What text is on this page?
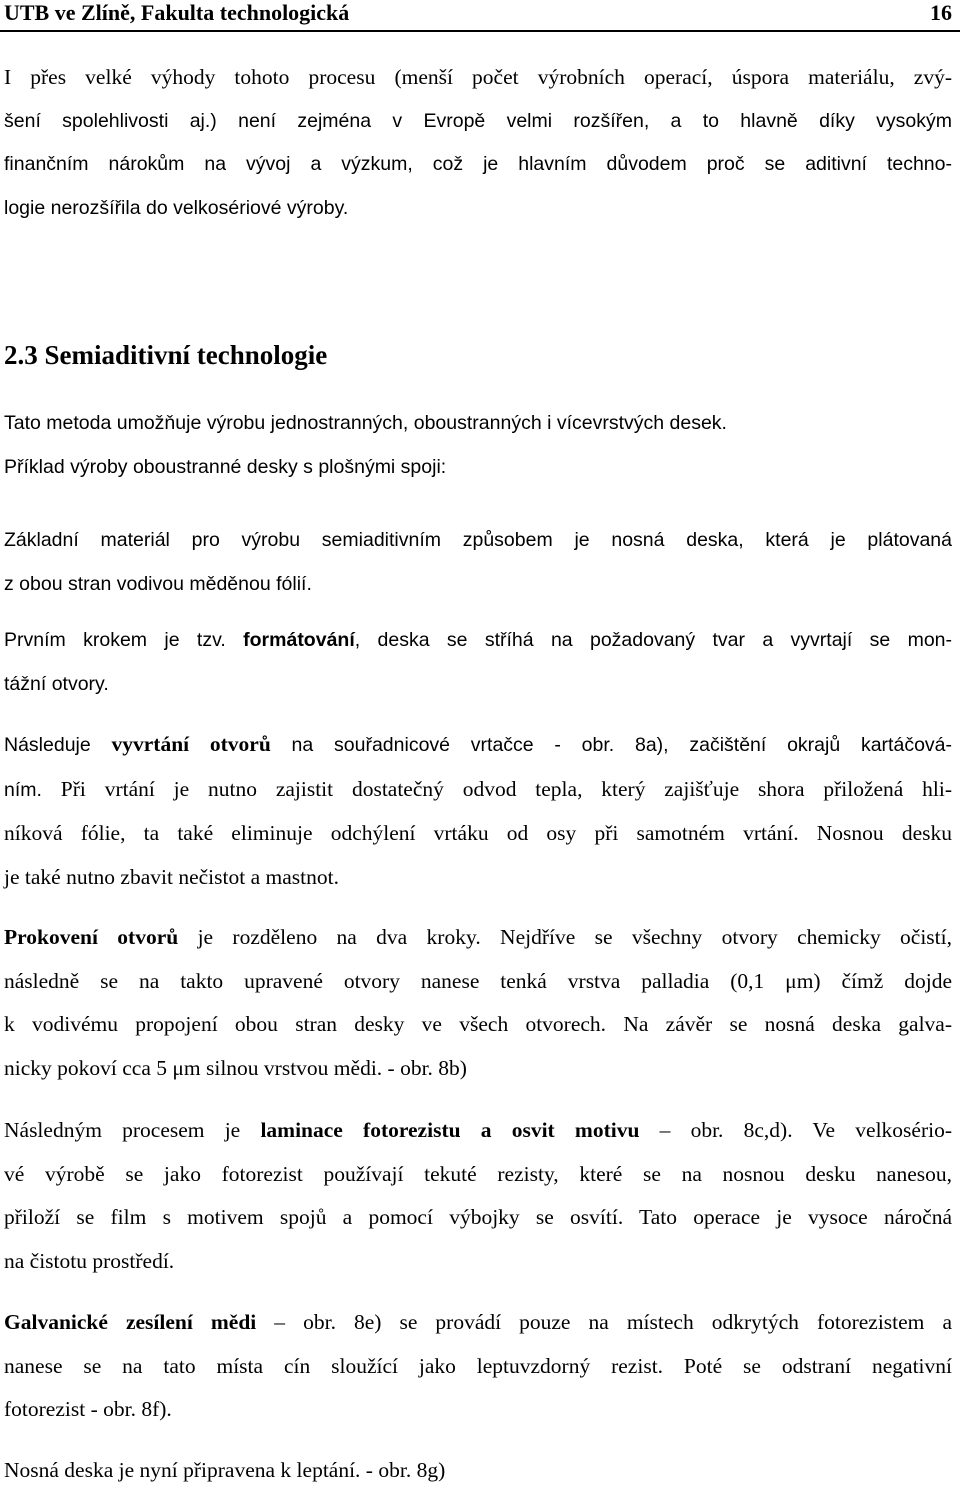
UTB ve Zlíně, Fakulta technologická	16
I přes velké výhody tohoto procesu (menší počet výrobních operací, úspora materiálu, zvý-
šení spolehlivosti aj.) není zejména v Evropě velmi rozšířen, a to hlavně díky vysokým
finančním nárokům na vývoj a výzkum, což je hlavním důvodem proč se aditivní techno-
logie nerozšířila do velkosériové výroby.
2.3 Semiaditivní technologie
Tato metoda umožňuje výrobu jednostranných, oboustranných i vícevrstvých desek.
Příklad výroby oboustranné desky s plošnými spoji:
Základní materiál pro výrobu semiaditivním způsobem je nosná deska, která je plátovaná
z obou stran vodivou měděnou fólií.
Prvním krokem je tzv. formátování, deska se stříhá na požadovaný tvar a vyvrtají se mon-
tážní otvory.
Následuje vyvrtání otvorů na souřadnicové vrtačce - obr. 8a), začištění okrajů kartáčová-
ním. Při vrtání je nutno zajistit dostatečný odvod tepla, který zajišťuje shora přiložená hli-
níková fólie, ta také eliminuje odchýlení vrtáku od osy při samotném vrtání. Nosnou desku
je také nutno zbavit nečistot a mastnot.
Prokovení otvorů je rozděleno na dva kroky. Nejdříve se všechny otvory chemicky očistí,
následně se na takto upravené otvory nanese tenká vrstva palladia (0,1 μm) čímž dojde
k vodivému propojení obou stran desky ve všech otvorech. Na závěr se nosná deska galva-
nicky pokoví cca 5 μm silnou vrstvou mědi. - obr. 8b)
Následným procesem je laminace fotorezistu a osvit motivu – obr. 8c,d). Ve velkosério-
vé výrobě se jako fotorezist používají tekuté rezisty, které se na nosnou desku nanesou,
přiloží se film s motivem spojů a pomocí výbojky se osvítí. Tato operace je vysoce náročná
na čistotu prostředí.
Galvanické zesílení mědi – obr. 8e) se provádí pouze na místech odkrytých fotorezistem a
nanese se na tato místa cín sloužící jako leptuvzdorný rezist. Poté se odstraní negativní
fotorezist - obr. 8f).
Nosná deska je nyní připravena k leptání. - obr. 8g)
